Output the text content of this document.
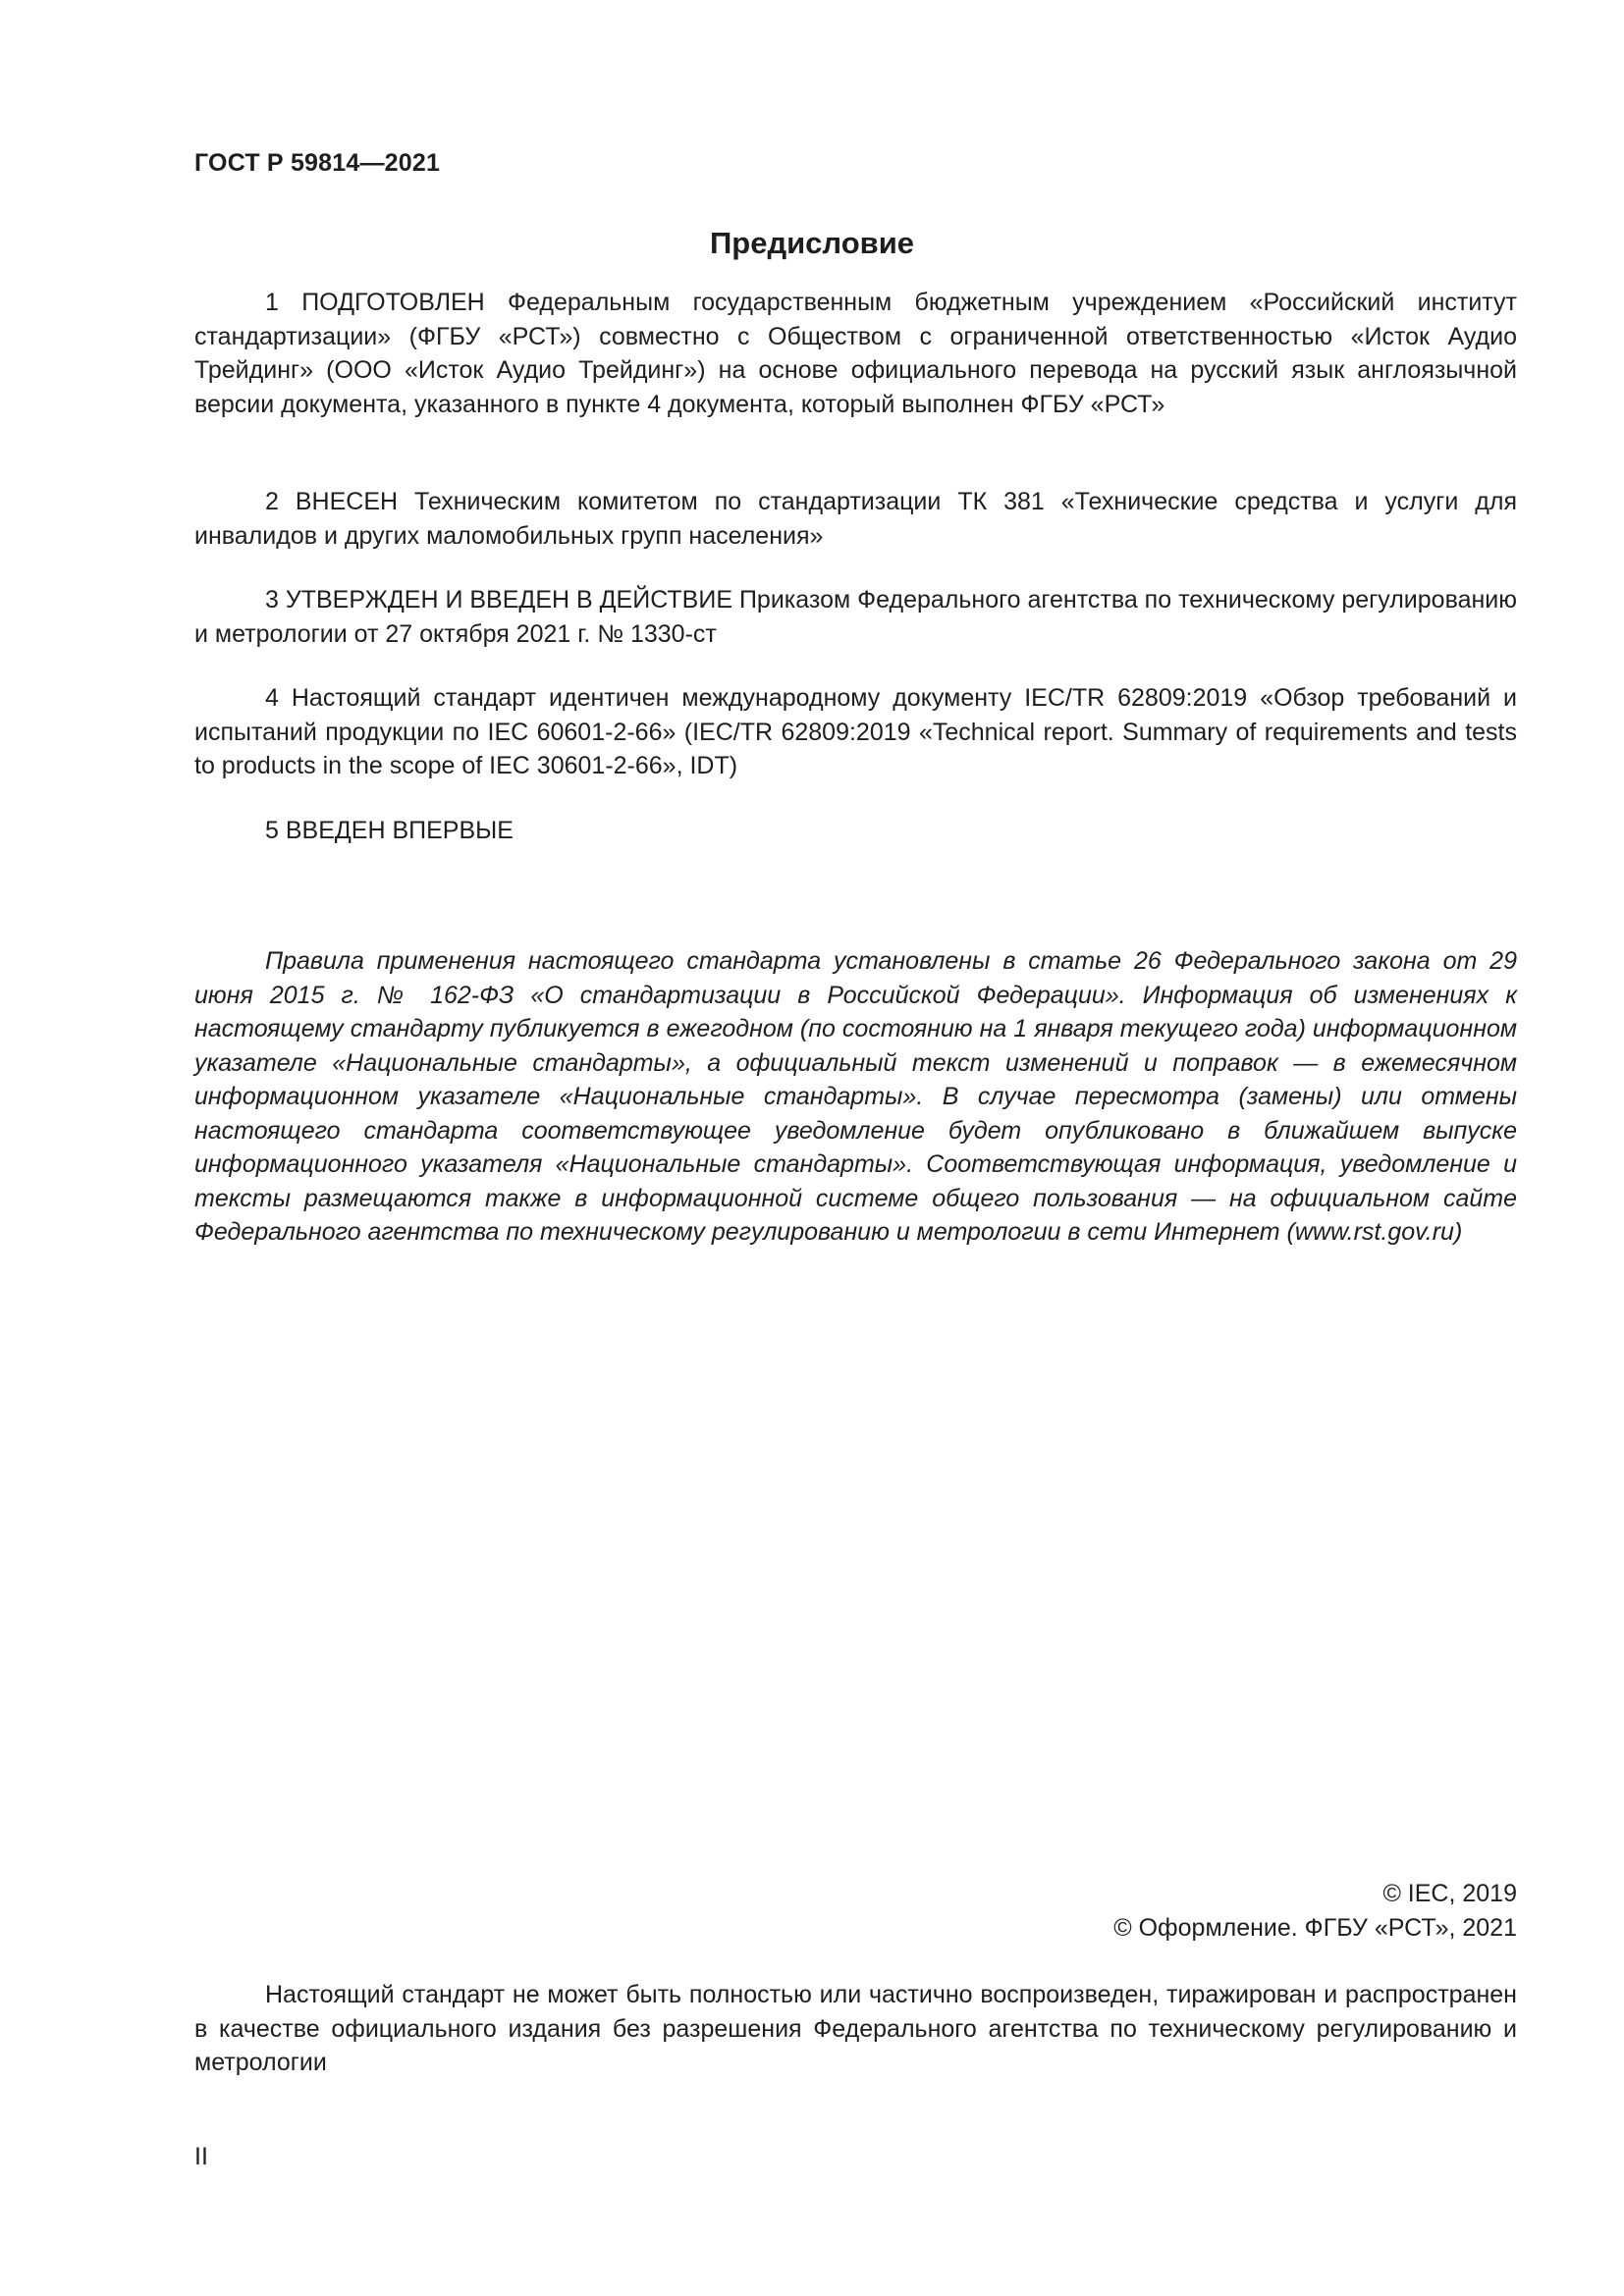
ГОСТ Р 59814—2021
Предисловие

1 ПОДГОТОВЛЕН Федеральным государственным бюджетным учреждением «Российский институт стандартизации» (ФГБУ «РСТ») совместно с Обществом с ограниченной ответственностью «Исток Аудио Трейдинг» (ООО «Исток Аудио Трейдинг») на основе официального перевода на русский язык англоязычной версии документа, указанного в пункте 4 документа, который выполнен ФГБУ «РСТ»

2 ВНЕСЕН Техническим комитетом по стандартизации ТК 381 «Технические средства и услуги для инвалидов и других маломобильных групп населения»

3 УТВЕРЖДЕН И ВВЕДЕН В ДЕЙСТВИЕ Приказом Федерального агентства по техническому регулированию и метрологии от 27 октября 2021 г. № 1330-ст

4 Настоящий стандарт идентичен международному документу IEC/TR 62809:2019 «Обзор требований и испытаний продукции по IEC 60601-2-66» (IEC/TR 62809:2019 «Technical report. Summary of requirements and tests to products in the scope of IEC 30601-2-66», IDT)

5 ВВЕДЕН ВПЕРВЫЕ

Правила применения настоящего стандарта установлены в статье 26 Федерального закона от 29 июня 2015 г. № 162-ФЗ «О стандартизации в Российской Федерации». Информация об изменениях к настоящему стандарту публикуется в ежегодном (по состоянию на 1 января текущего года) информационном указателе «Национальные стандарты», а официальный текст изменений и поправок — в ежемесячном информационном указателе «Национальные стандарты». В случае пересмотра (замены) или отмены настоящего стандарта соответствующее уведомление будет опубликовано в ближайшем выпуске информационного указателя «Национальные стандарты». Соответствующая информация, уведомление и тексты размещаются также в информационной системе общего пользования — на официальном сайте Федерального агентства по техническому регулированию и метрологии в сети Интернет (www.rst.gov.ru)

© IEC, 2019
© Оформление. ФГБУ «РСТ», 2021

Настоящий стандарт не может быть полностью или частично воспроизведен, тиражирован и распространен в качестве официального издания без разрешения Федерального агентства по техническому регулированию и метрологии

II
